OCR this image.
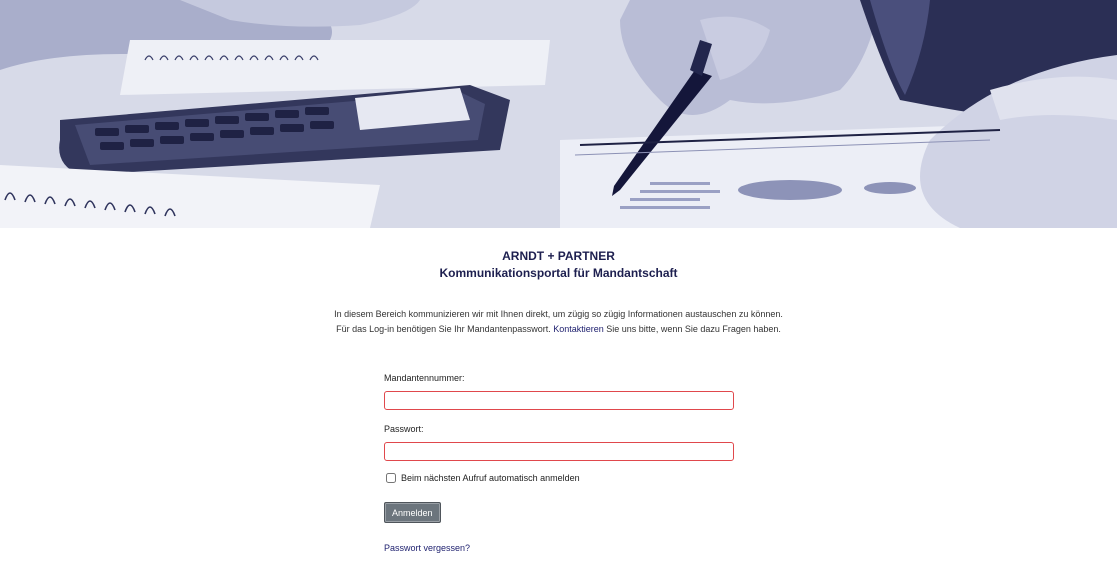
ARNDT + PARTNER
Kommunikationsportal für Mandantschaft
In diesem Bereich kommunizieren wir mit Ihnen direkt, um zügig so zügig Informationen austauschen zu können.
Für das Log-in benötigen Sie Ihr Mandantenpasswort. Kontaktieren Sie uns bitte, wenn Sie dazu Fragen haben.
Mandantennummer:
Passwort:
Beim nächsten Aufruf automatisch anmelden
Anmelden
Passwort vergessen?
